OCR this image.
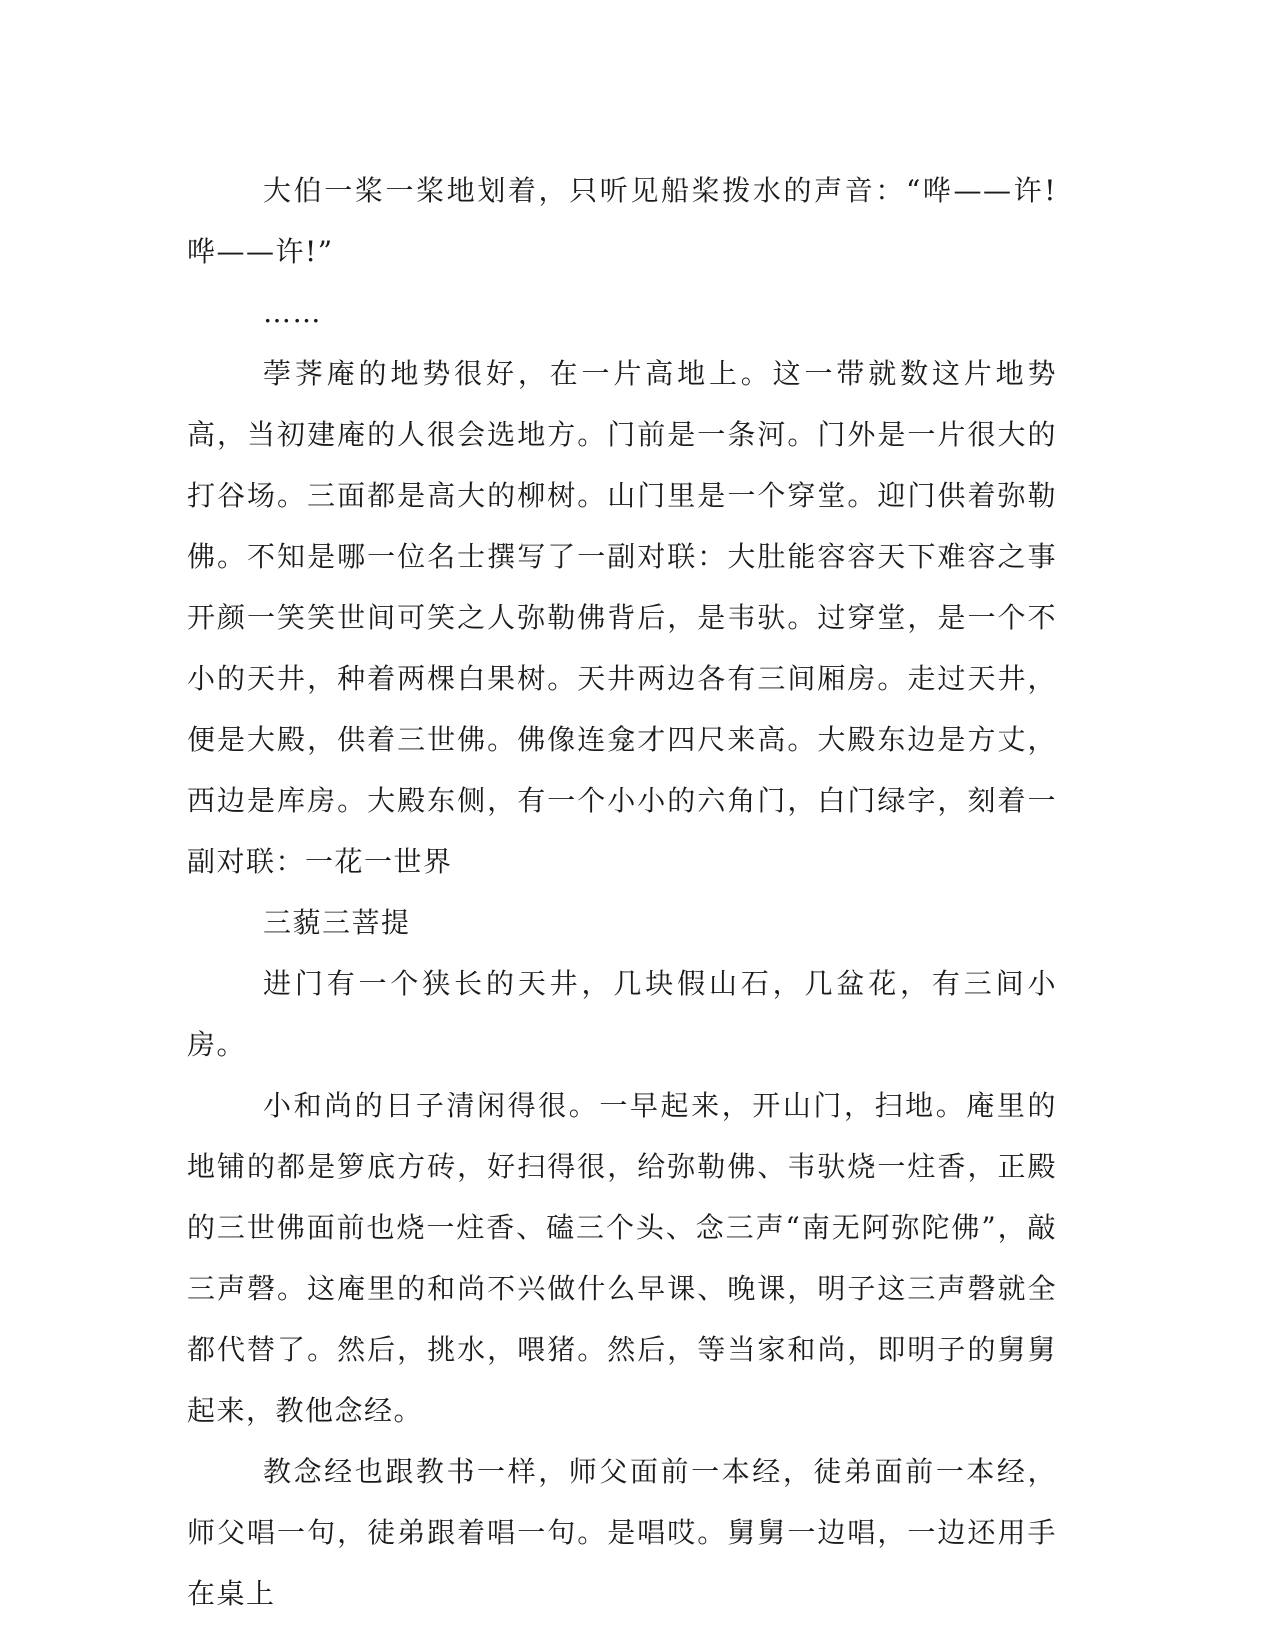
大伯一桨一桨地划着，只听见船桨拨水的声音：“哗——许!哗——许!”

……

荸荠庵的地势很好，在一片高地上。这一带就数这片地势高，当初建庵的人很会选地方。门前是一条河。门外是一片很大的打谷场。三面都是高大的柳树。山门里是一个穿堂。迎门供着弥勒佛。不知是哪一位名士撰写了一副对联：大肚能容容天下难容之事开颜一笑笑世间可笑之人弥勒佛背后，是韦驮。过穿堂，是一个不小的天井，种着两棵白果树。天井两边各有三间厢房。走过天井，便是大殿，供着三世佛。佛像连龛才四尺来高。大殿东边是方丈，西边是库房。大殿东侧，有一个小小的六角门，白门绿字，刻着一副对联：一花一世界

三藐三菩提

进门有一个狭长的天井，几块假山石，几盆花，有三间小房。

小和尚的日子清闲得很。一早起来，开山门，扫地。庵里的地铺的都是箩底方砖，好扫得很，给弥勒佛、韦驮烧一炷香，正殿的三世佛面前也烧一炷香、磕三个头、念三声“南无阿弥陀佛”，敲三声磬。这庵里的和尚不兴做什么早课、晚课，明子这三声磬就全都代替了。然后，挑水，喂猪。然后，等当家和尚，即明子的舅舅起来，教他念经。

教念经也跟教书一样，师父面前一本经，徒弟面前一本经，师父唱一句，徒弟跟着唱一句。是唱哎。舅舅一边唱，一边还用手在桌上
